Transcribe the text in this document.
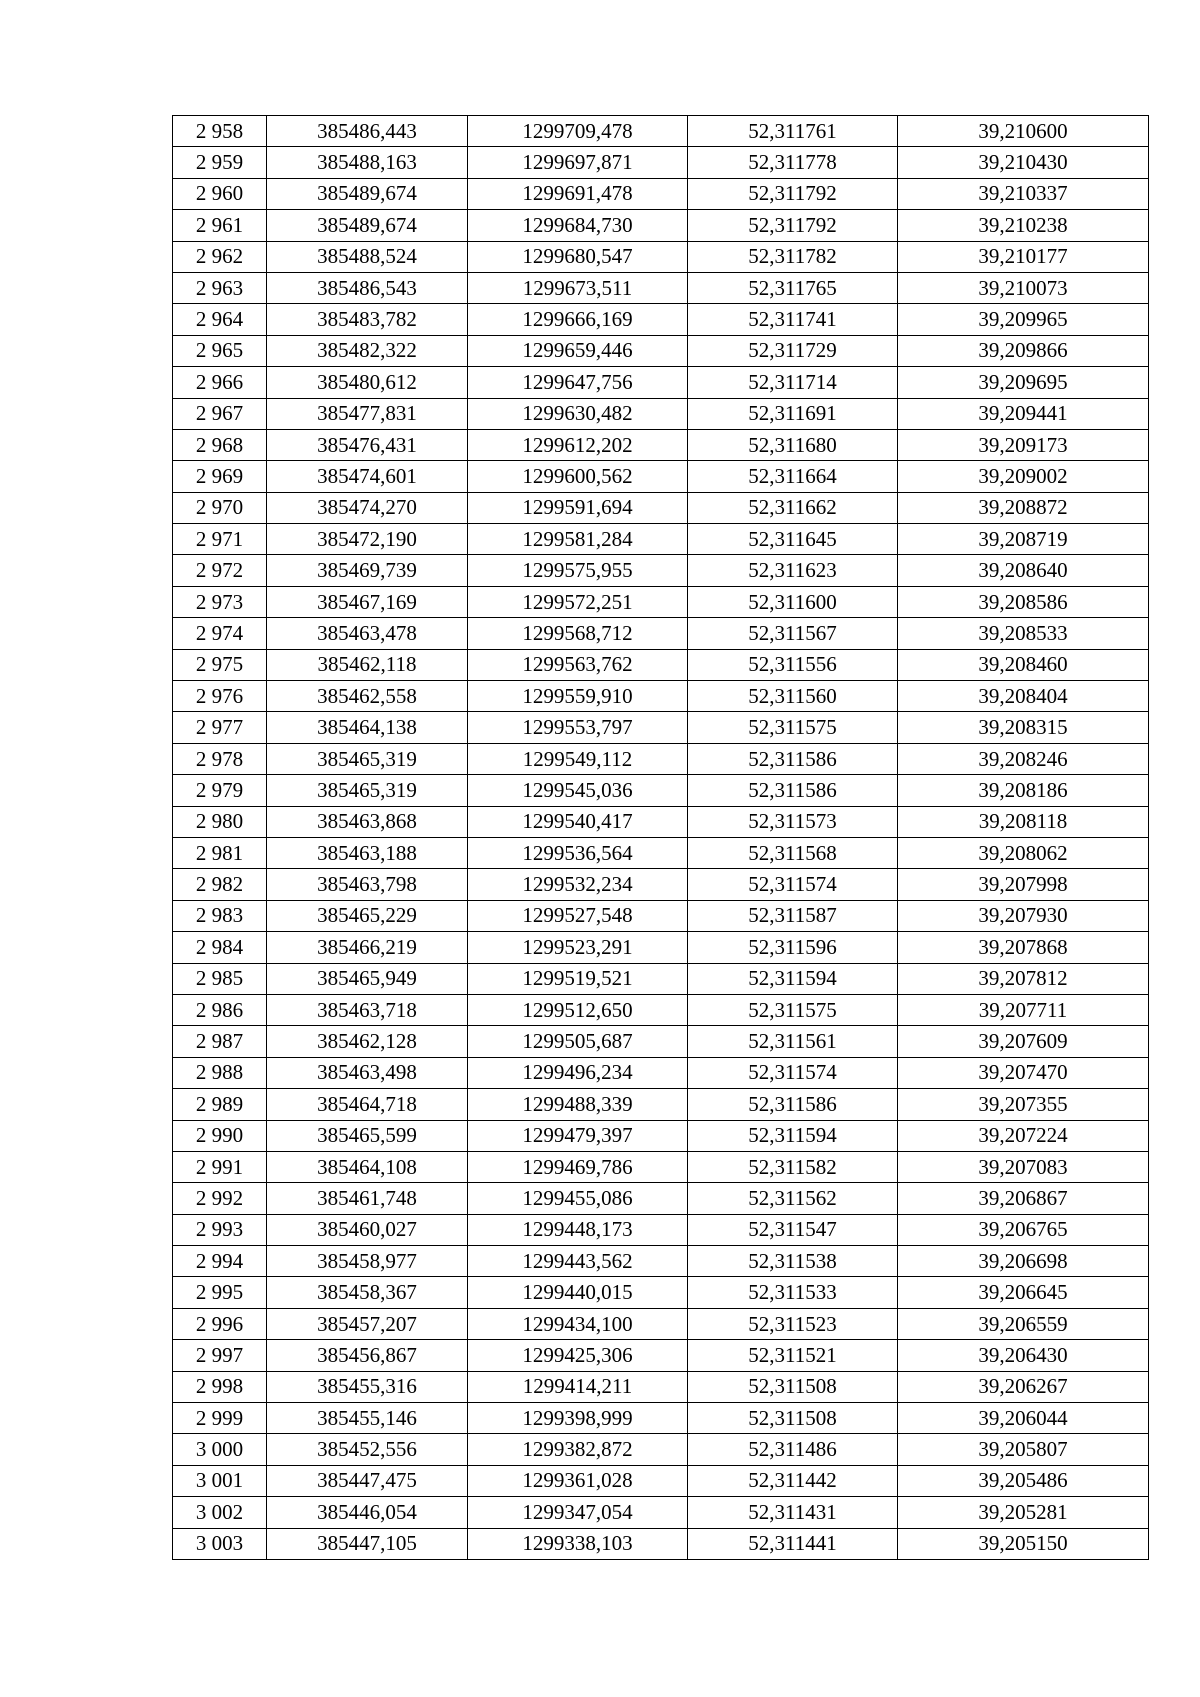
2 958	385486,443	1299709,478	52,311761	39,210600
2 959	385488,163	1299697,871	52,311778	39,210430
2 960	385489,674	1299691,478	52,311792	39,210337
2 961	385489,674	1299684,730	52,311792	39,210238
2 962	385488,524	1299680,547	52,311782	39,210177
2 963	385486,543	1299673,511	52,311765	39,210073
2 964	385483,782	1299666,169	52,311741	39,209965
2 965	385482,322	1299659,446	52,311729	39,209866
2 966	385480,612	1299647,756	52,311714	39,209695
2 967	385477,831	1299630,482	52,311691	39,209441
2 968	385476,431	1299612,202	52,311680	39,209173
2 969	385474,601	1299600,562	52,311664	39,209002
2 970	385474,270	1299591,694	52,311662	39,208872
2 971	385472,190	1299581,284	52,311645	39,208719
2 972	385469,739	1299575,955	52,311623	39,208640
2 973	385467,169	1299572,251	52,311600	39,208586
2 974	385463,478	1299568,712	52,311567	39,208533
2 975	385462,118	1299563,762	52,311556	39,208460
2 976	385462,558	1299559,910	52,311560	39,208404
2 977	385464,138	1299553,797	52,311575	39,208315
2 978	385465,319	1299549,112	52,311586	39,208246
2 979	385465,319	1299545,036	52,311586	39,208186
2 980	385463,868	1299540,417	52,311573	39,208118
2 981	385463,188	1299536,564	52,311568	39,208062
2 982	385463,798	1299532,234	52,311574	39,207998
2 983	385465,229	1299527,548	52,311587	39,207930
2 984	385466,219	1299523,291	52,311596	39,207868
2 985	385465,949	1299519,521	52,311594	39,207812
2 986	385463,718	1299512,650	52,311575	39,207711
2 987	385462,128	1299505,687	52,311561	39,207609
2 988	385463,498	1299496,234	52,311574	39,207470
2 989	385464,718	1299488,339	52,311586	39,207355
2 990	385465,599	1299479,397	52,311594	39,207224
2 991	385464,108	1299469,786	52,311582	39,207083
2 992	385461,748	1299455,086	52,311562	39,206867
2 993	385460,027	1299448,173	52,311547	39,206765
2 994	385458,977	1299443,562	52,311538	39,206698
2 995	385458,367	1299440,015	52,311533	39,206645
2 996	385457,207	1299434,100	52,311523	39,206559
2 997	385456,867	1299425,306	52,311521	39,206430
2 998	385455,316	1299414,211	52,311508	39,206267
2 999	385455,146	1299398,999	52,311508	39,206044
3 000	385452,556	1299382,872	52,311486	39,205807
3 001	385447,475	1299361,028	52,311442	39,205486
3 002	385446,054	1299347,054	52,311431	39,205281
3 003	385447,105	1299338,103	52,311441	39,205150
